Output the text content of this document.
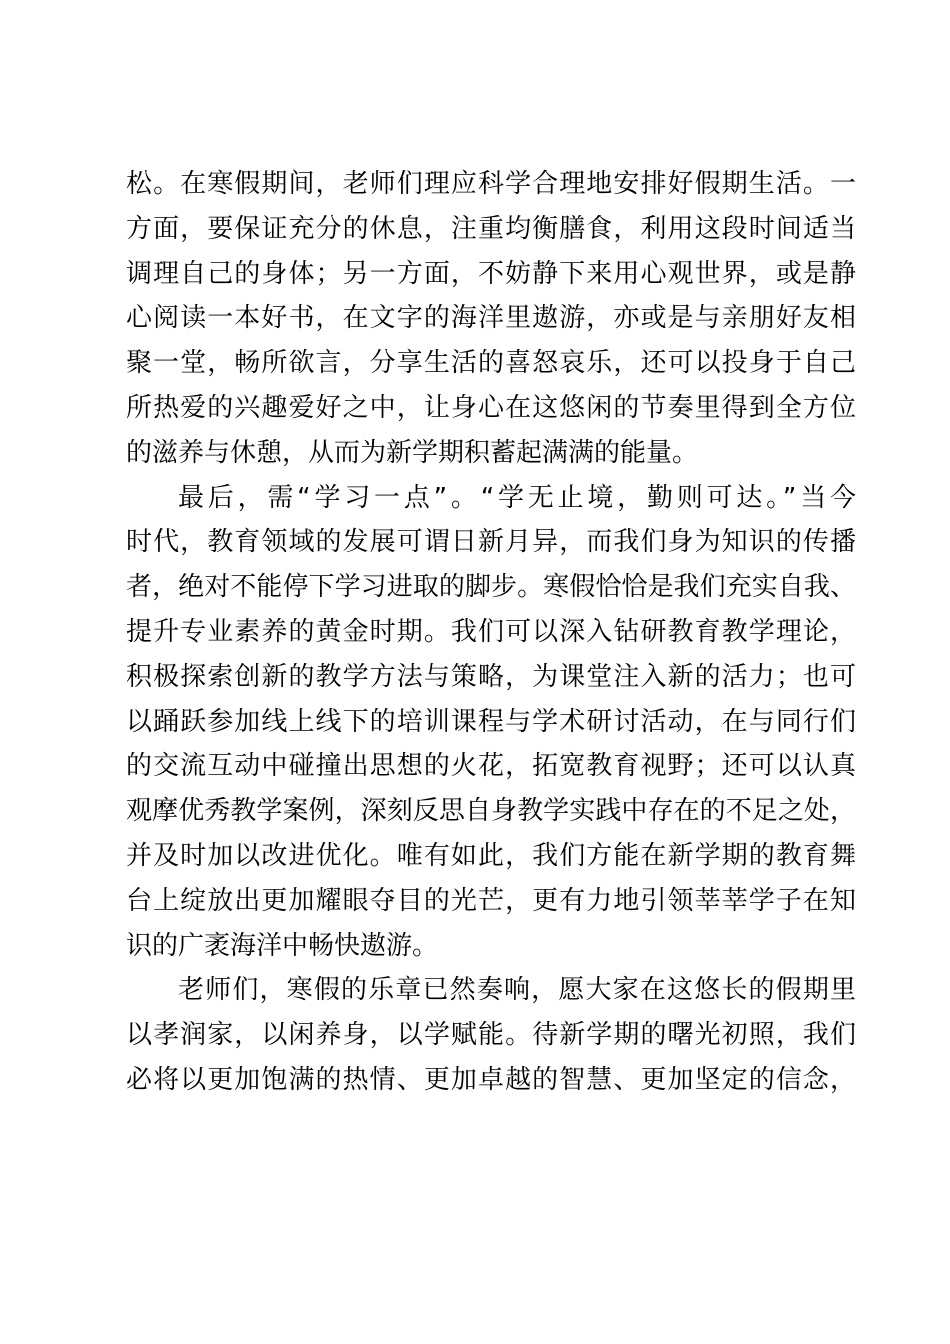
松。在寒假期间，老师们理应科学合理地安排好假期生活。一
方面，要保证充分的休息，注重均衡膳食，利用这段时间适当
调理自己的身体；另一方面，不妨静下来用心观世界，或是静
心阅读一本好书，在文字的海洋里遨游，亦或是与亲朋好友相
聚一堂，畅所欲言，分享生活的喜怒哀乐，还可以投身于自己
所热爱的兴趣爱好之中，让身心在这悠闲的节奏里得到全方位
的滋养与休憩，从而为新学期积蓄起满满的能量。
最后，需“学习一点”。“学无止境，勤则可达。”当今
时代，教育领域的发展可谓日新月异，而我们身为知识的传播
者，绝对不能停下学习进取的脚步。寒假恰恰是我们充实自我、
提升专业素养的黄金时期。我们可以深入钻研教育教学理论，
积极探索创新的教学方法与策略，为课堂注入新的活力；也可
以踊跃参加线上线下的培训课程与学术研讨活动，在与同行们
的交流互动中碰撞出思想的火花，拓宽教育视野；还可以认真
观摩优秀教学案例，深刻反思自身教学实践中存在的不足之处，
并及时加以改进优化。唯有如此，我们方能在新学期的教育舞
台上绽放出更加耀眼夺目的光芒，更有力地引领莘莘学子在知
识的广袤海洋中畅快遨游。
老师们，寒假的乐章已然奏响，愿大家在这悠长的假期里
以孝润家，以闲养身，以学赋能。待新学期的曙光初照，我们
必将以更加饱满的热情、更加卓越的智慧、更加坚定的信念，
